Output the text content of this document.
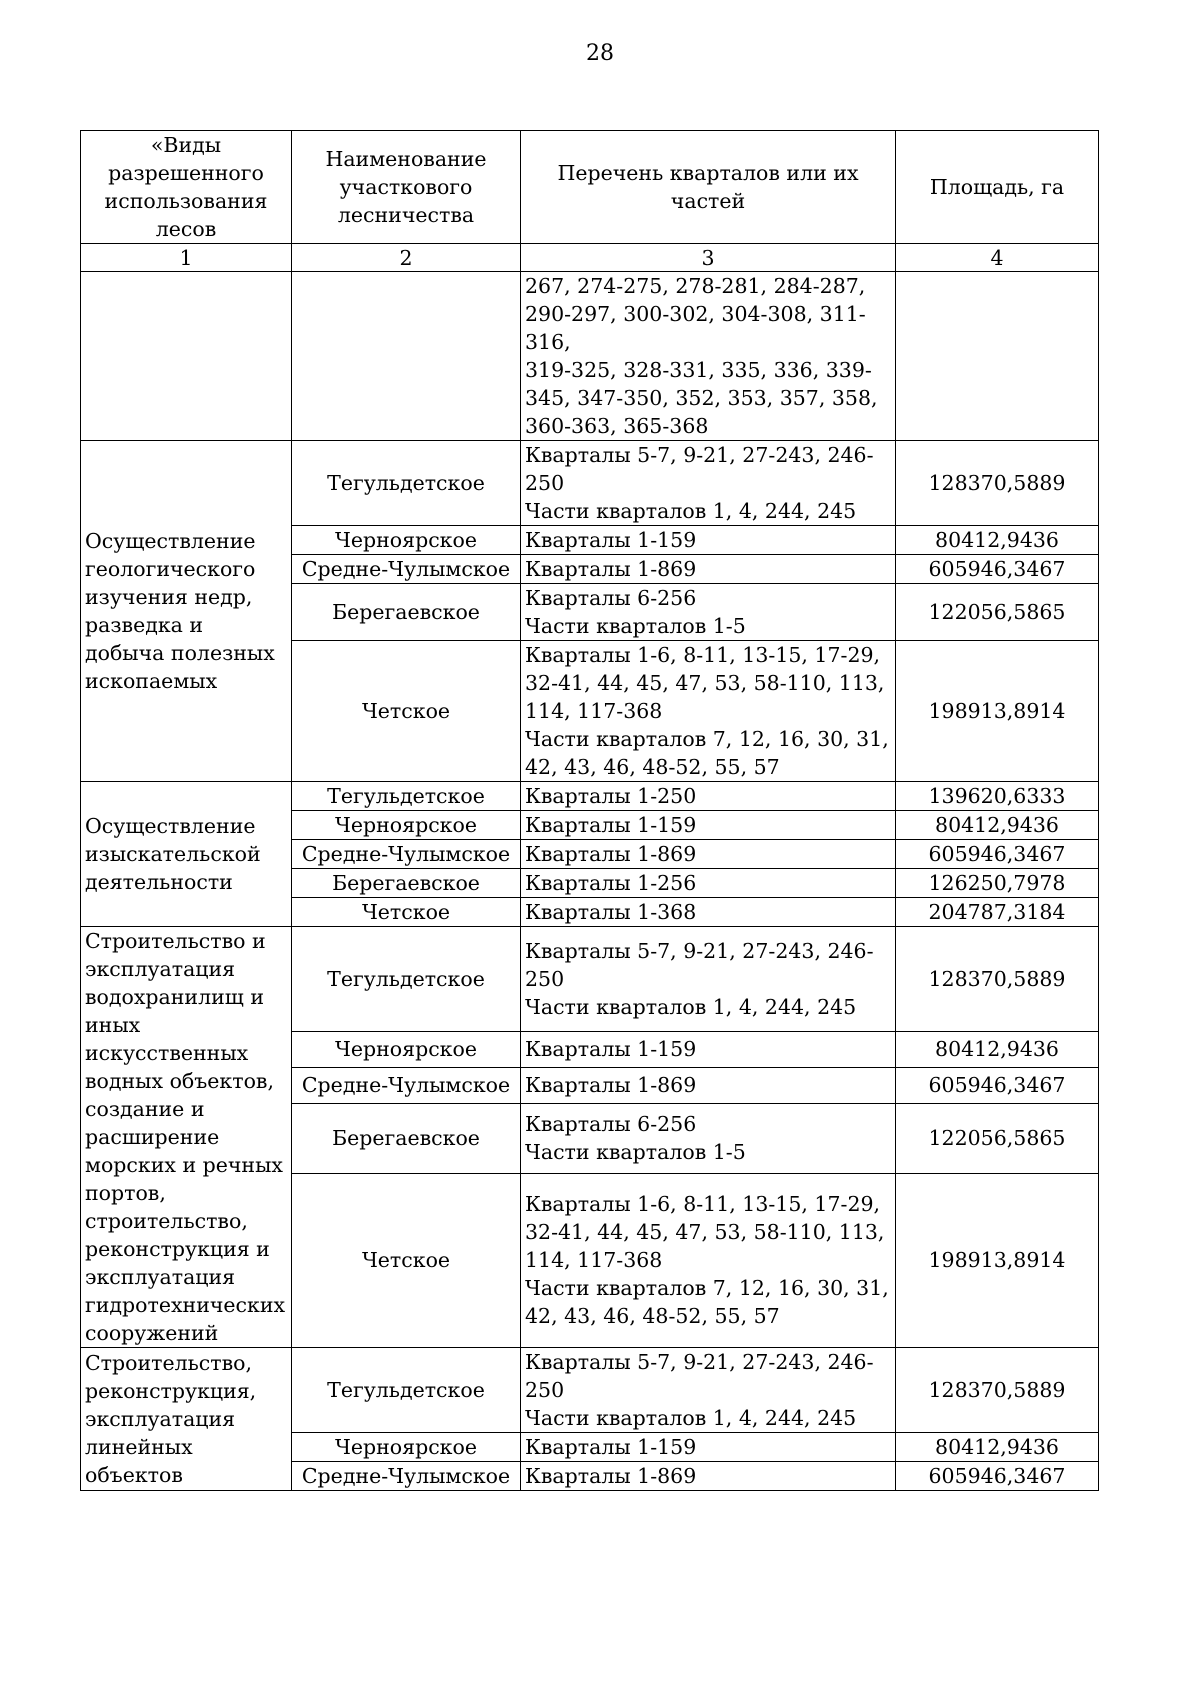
28
«Виды разрешенного использования лесов	Наименование участкового лесничества	Перечень кварталов или их частей	Площадь, га
1	2	3	4

		267, 274-275, 278-281, 284-287,
290-297, 300-302, 304-308, 311-316,
319-325, 328-331, 335, 336, 339-
345, 347-350, 352, 353, 357, 358,
360-363, 365-368	

Осуществление геологического изучения недр, разведка и добыча полезных ископаемых	Тегульдетское	Кварталы 5-7, 9-21, 27-243, 246-
250
Части кварталов 1, 4, 244, 245	128370,5889
	Черноярское	Кварталы 1-159	80412,9436
	Средне-Чулымское	Кварталы 1-869	605946,3467
	Берегаевское	Кварталы 6-256
Части кварталов 1-5	122056,5865
	Четское	Кварталы 1-6, 8-11, 13-15, 17-29,
32-41, 44, 45, 47, 53, 58-110, 113,
114, 117-368
Части кварталов 7, 12, 16, 30, 31,
42, 43, 46, 48-52, 55, 57	198913,8914
Осуществление изыскательской деятельности	Тегульдетское	Кварталы 1-250	139620,6333
	Черноярское	Кварталы 1-159	80412,9436
	Средне-Чулымское	Кварталы 1-869	605946,3467
	Берегаевское	Кварталы 1-256	126250,7978
	Четское	Кварталы 1-368	204787,3184
Строительство и эксплуатация водохранилищ и иных искусственных водных объектов, создание и расширение морских и речных портов, строительство, реконструкция и эксплуатация гидротехнических сооружений	Тегульдетское	Кварталы 5-7, 9-21, 27-243, 246-
250
Части кварталов 1, 4, 244, 245	128370,5889
	Черноярское	Кварталы 1-159	80412,9436
	Средне-Чулымское	Кварталы 1-869	605946,3467
	Берегаевское	Кварталы 6-256
Части кварталов 1-5	122056,5865
	Четское	Кварталы 1-6, 8-11, 13-15, 17-29,
32-41, 44, 45, 47, 53, 58-110, 113,
114, 117-368
Части кварталов 7, 12, 16, 30, 31,
42, 43, 46, 48-52, 55, 57	198913,8914
Строительство, реконструкция, эксплуатация линейных объектов	Тегульдетское	Кварталы 5-7, 9-21, 27-243, 246-
250
Части кварталов 1, 4, 244, 245	128370,5889
	Черноярское	Кварталы 1-159	80412,9436
	Средне-Чулымское	Кварталы 1-869	605946,3467
